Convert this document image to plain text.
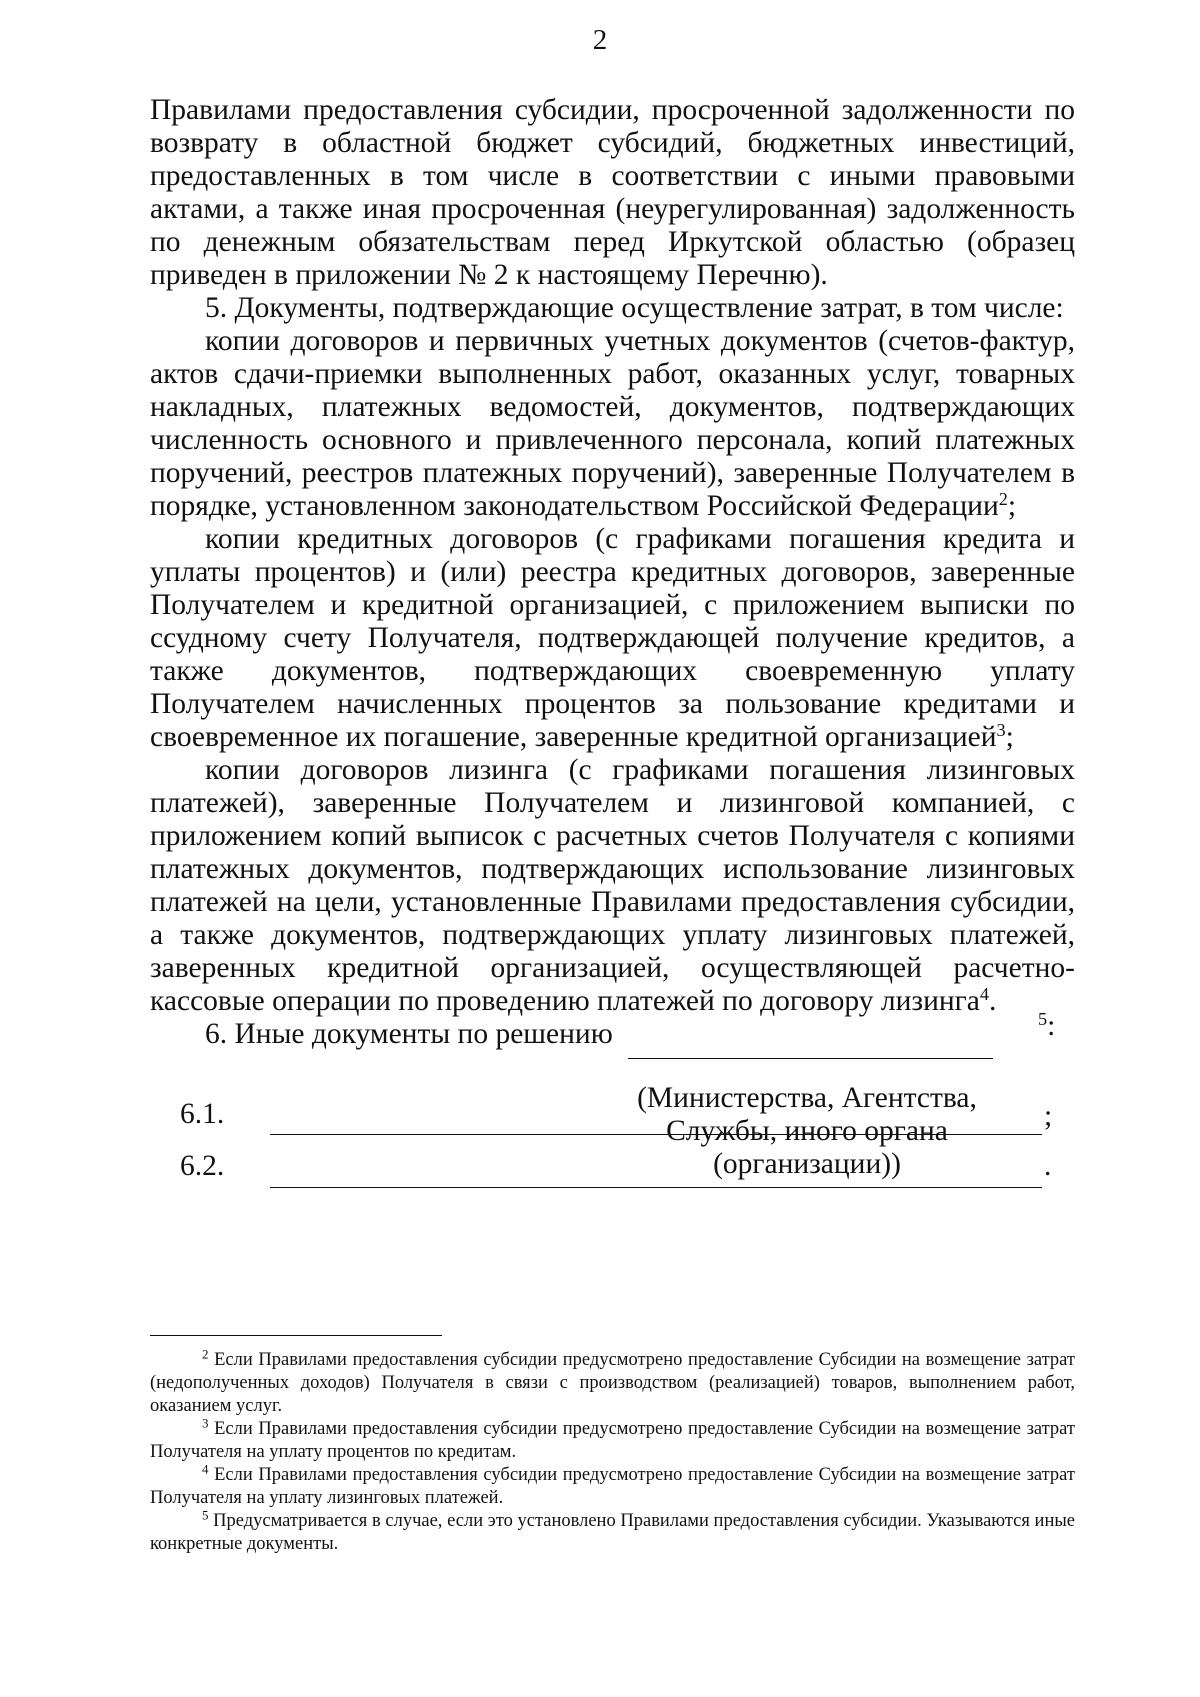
2

Правилами предоставления субсидии, просроченной задолженности по возврату в областной бюджет субсидий, бюджетных инвестиций, предоставленных в том числе в соответствии с иными правовыми актами, а также иная просроченная (неурегулированная) задолженность по денежным обязательствам перед Иркутской областью (образец приведен в приложении № 2 к настоящему Перечню).

5. Документы, подтверждающие осуществление затрат, в том числе:

копии договоров и первичных учетных документов (счетов-фактур, актов сдачи-приемки выполненных работ, оказанных услуг, товарных накладных, платежных ведомостей, документов, подтверждающих численность основного и привлеченного персонала, копий платежных поручений, реестров платежных поручений), заверенные Получателем в порядке, установленном законодательством Российской Федерации$^2$;

копии кредитных договоров (с графиками погашения кредита и уплаты процентов) и (или) реестра кредитных договоров, заверенные Получателем и кредитной организацией, с приложением выписки по ссудному счету Получателя, подтверждающей получение кредитов, а также документов, подтверждающих своевременную уплату Получателем начисленных процентов за пользование кредитами и своевременное их погашение, заверенные кредитной организацией$^3$;

копии договоров лизинга (с графиками погашения лизинговых платежей), заверенные Получателем и лизинговой компанией, с приложением копий выписок с расчетных счетов Получателя с копиями платежных документов, подтверждающих использование лизинговых платежей на цели, установленные Правилами предоставления субсидии, а также документов, подтверждающих уплату лизинговых платежей, заверенных кредитной организацией, осуществляющей расчетно-кассовые операции по проведению платежей по договору лизинга$^4$.

6. Иные документы по решению	$^5$:
(Министерства, Агентства,
Службы, иного органа
(организации))
6.1.	;
6.2.	.

$^2$ Если Правилами предоставления субсидии предусмотрено предоставление Субсидии на возмещение затрат (недополученных доходов) Получателя в связи с производством (реализацией) товаров, выполнением работ, оказанием услуг.

$^3$ Если Правилами предоставления субсидии предусмотрено предоставление Субсидии на возмещение затрат Получателя на уплату процентов по кредитам.

$^4$ Если Правилами предоставления субсидии предусмотрено предоставление Субсидии на возмещение затрат Получателя на уплату лизинговых платежей.

$^5$ Предусматривается в случае, если это установлено Правилами предоставления субсидии. Указываются иные конкретные документы.
